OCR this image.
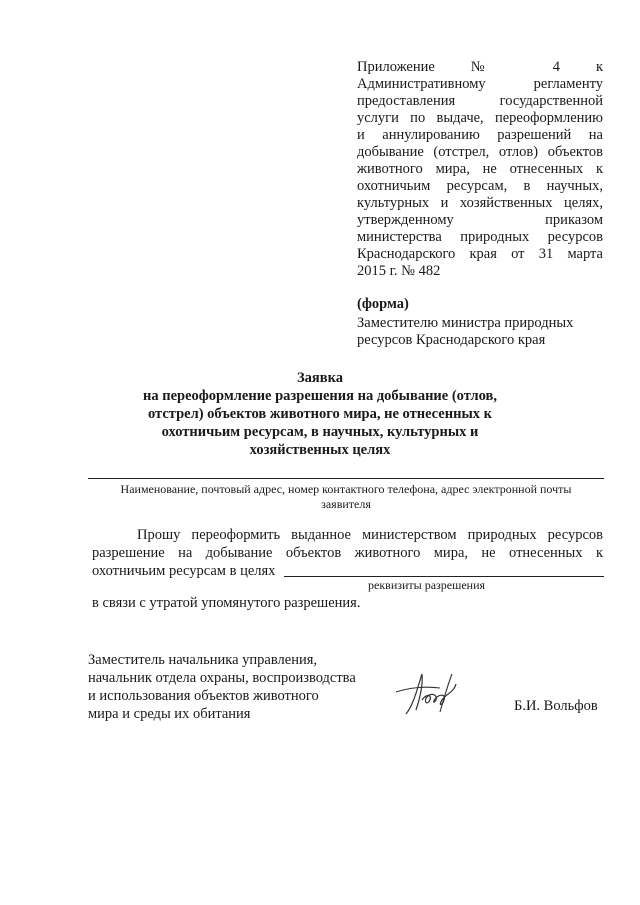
Приложение № 4 к
Административному регламенту
предоставления государственной
услуги по выдаче, переоформлению
и аннулированию разрешений на
добывание (отстрел, отлов) объектов
животного мира, не отнесенных к
охотничьим ресурсам, в научных,
культурных и хозяйственных целях,
утвержденному приказом
министерства природных ресурсов
Краснодарского края от 31 марта
2015 г. № 482
(форма)
Заместителю министра природных
ресурсов Краснодарского края
Заявка
на переоформление разрешения на добывание (отлов,
отстрел) объектов животного мира, не отнесенных к
охотничьим ресурсам, в научных, культурных и
хозяйственных целях
Наименование, почтовый адрес, номер контактного телефона, адрес электронной почты
заявителя
Прошу переоформить выданное министерством природных ресурсов
разрешение на добывание объектов животного мира, не отнесенных к
охотничьим ресурсам в целях
реквизиты разрешения
в связи с утратой упомянутого разрешения.
Заместитель начальника управления,
начальник отдела охраны, воспроизводства
и использования объектов животного
мира и среды их обитания	Б.И. Вольфов
